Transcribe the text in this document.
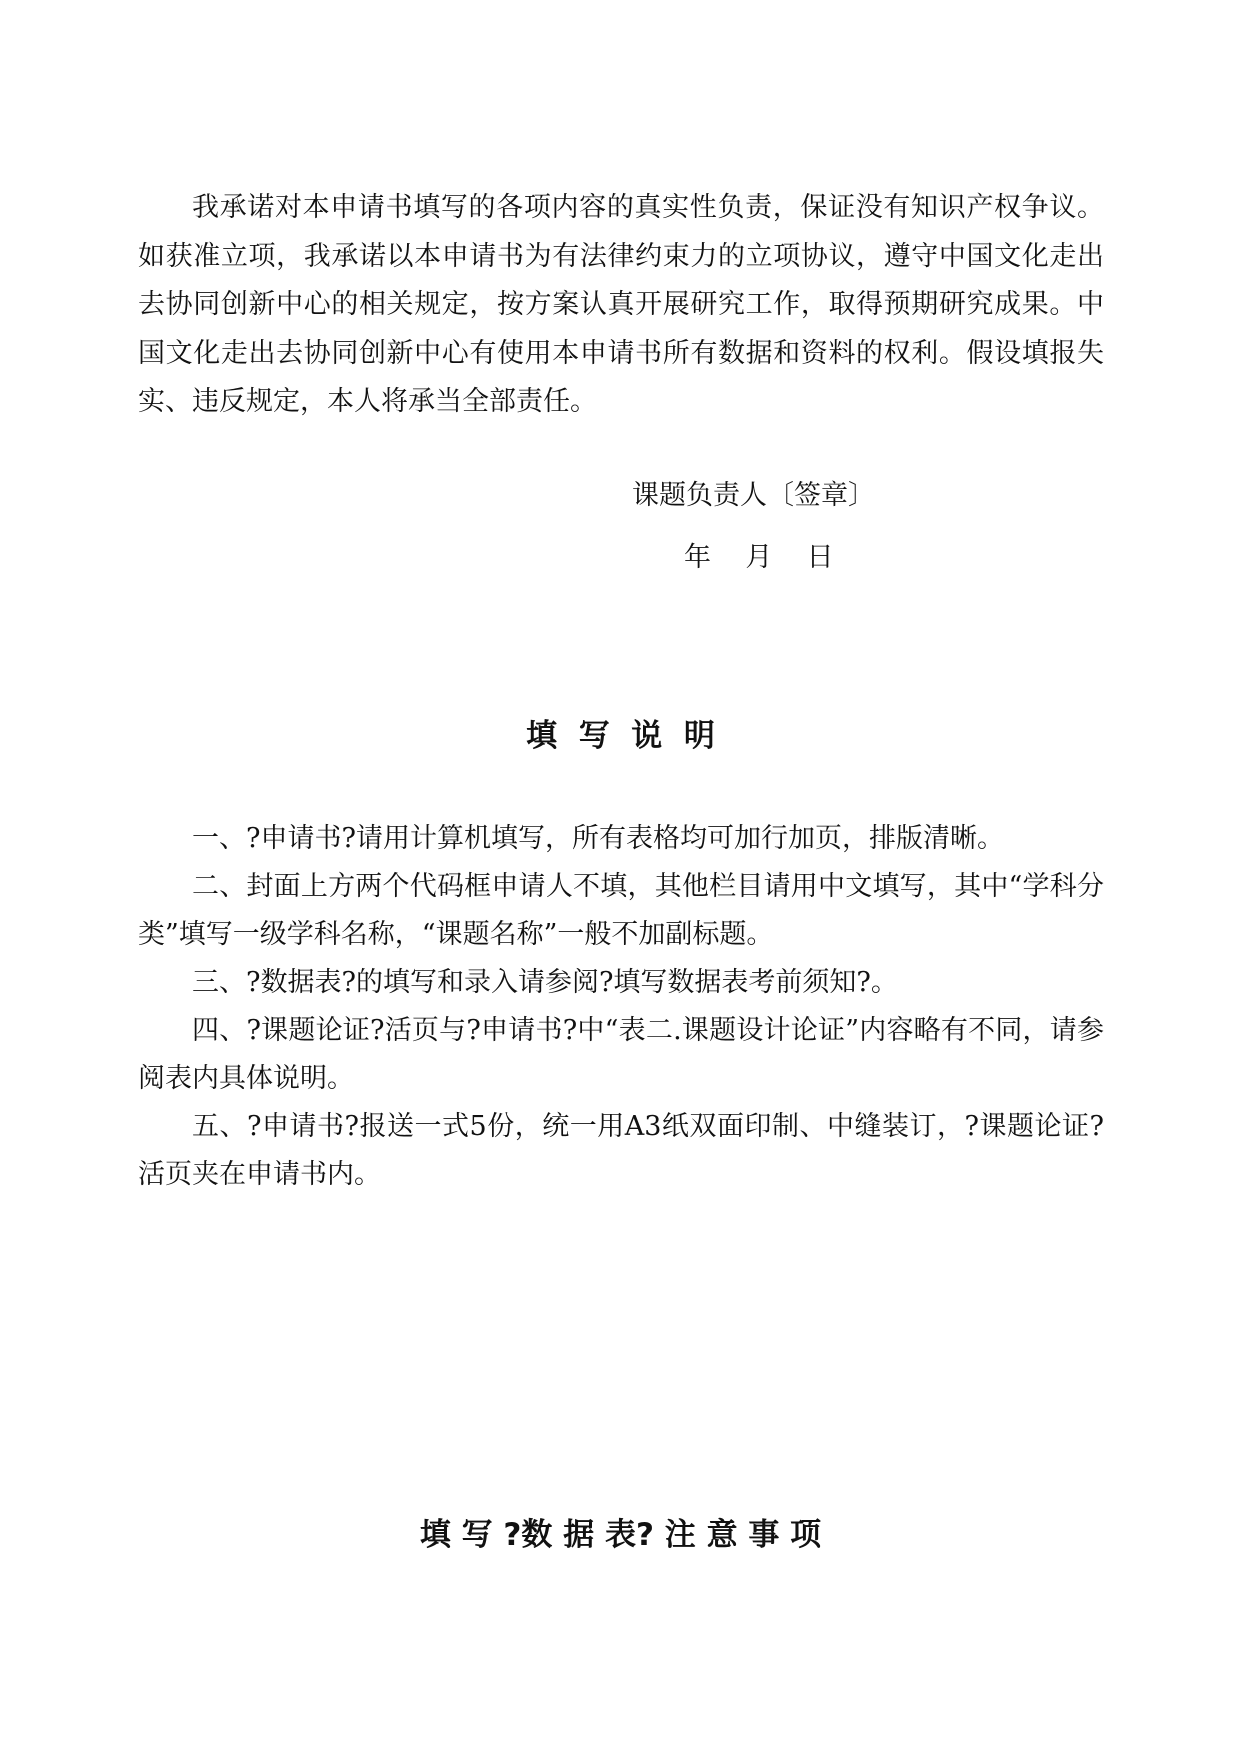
我承诺对本申请书填写的各项内容的真实性负责，保证没有知识产权争议。如获准立项，我承诺以本申请书为有法律约束力的立项协议，遵守中国文化走出去协同创新中心的相关规定，按方案认真开展研究工作，取得预期研究成果。中国文化走出去协同创新中心有使用本申请书所有数据和资料的权利。假设填报失实、违反规定，本人将承当全部责任。

课题负责人〔签章〕

年    月    日

填  写  说  明

一、?申请书?请用计算机填写，所有表格均可加行加页，排版清晰。

二、封面上方两个代码框申请人不填，其他栏目请用中文填写，其中“学科分类”填写一级学科名称，“课题名称”一般不加副标题。

三、?数据表?的填写和录入请参阅?填写数据表考前须知?。

四、?课题论证?活页与?申请书?中“表二.课题设计论证”内容略有不同，请参阅表内具体说明。

五、?申请书?报送一式5份，统一用A3纸双面印制、中缝装订，?课题论证?活页夹在申请书内。

填 写 ?数 据 表? 注 意 事 项
